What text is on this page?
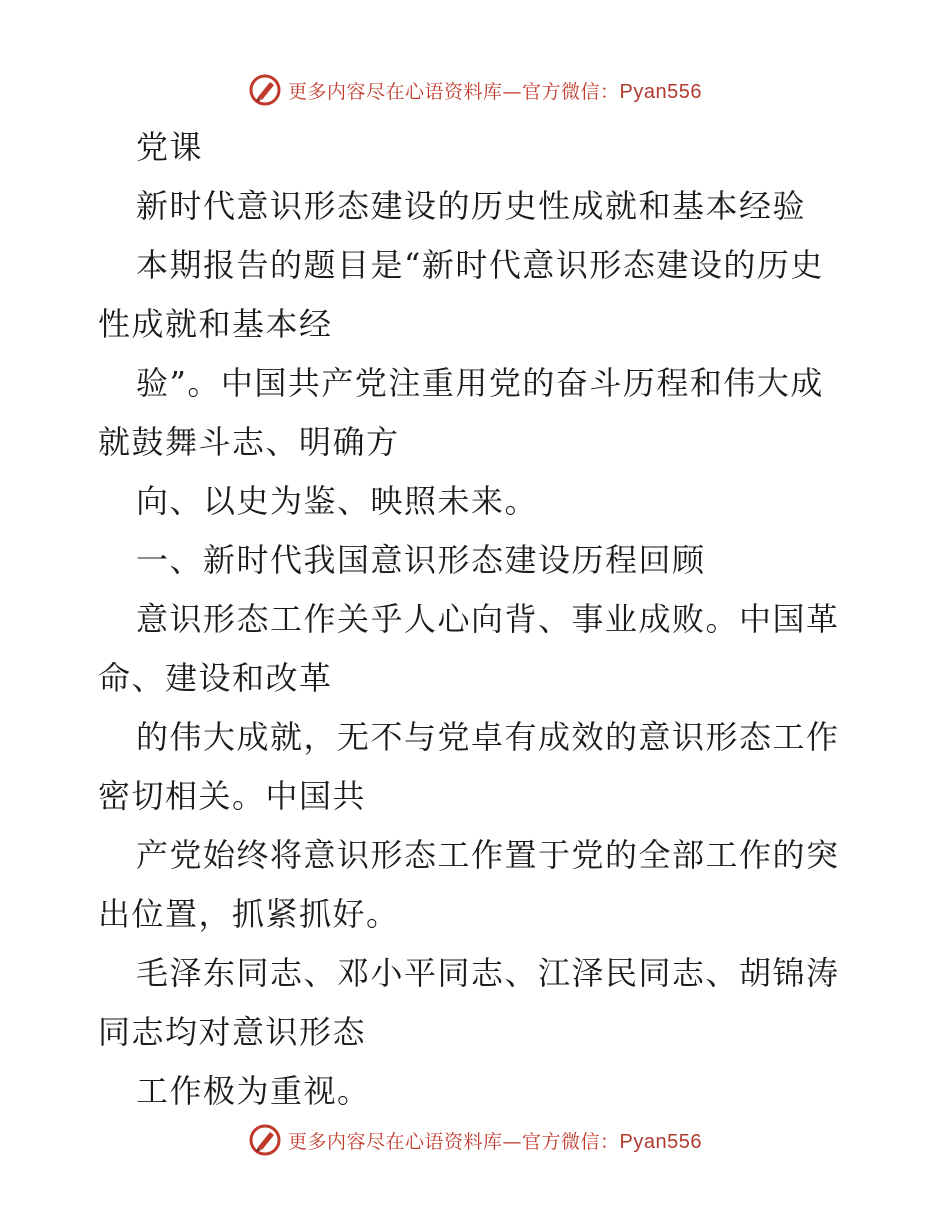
更多内容尽在心语资料库—官方微信：Pyan556
党课
新时代意识形态建设的历史性成就和基本经验
本期报告的题目是“新时代意识形态建设的历史
性成就和基本经
验”。中国共产党注重用党的奋斗历程和伟大成
就鼓舞斗志、明确方
向、以史为鉴、映照未来。
一、新时代我国意识形态建设历程回顾
意识形态工作关乎人心向背、事业成败。中国革
命、建设和改革
的伟大成就，无不与党卓有成效的意识形态工作
密切相关。中国共
产党始终将意识形态工作置于党的全部工作的突
出位置，抓紧抓好。
毛泽东同志、邓小平同志、江泽民同志、胡锦涛
同志均对意识形态
工作极为重视。
更多内容尽在心语资料库—官方微信：Pyan556
